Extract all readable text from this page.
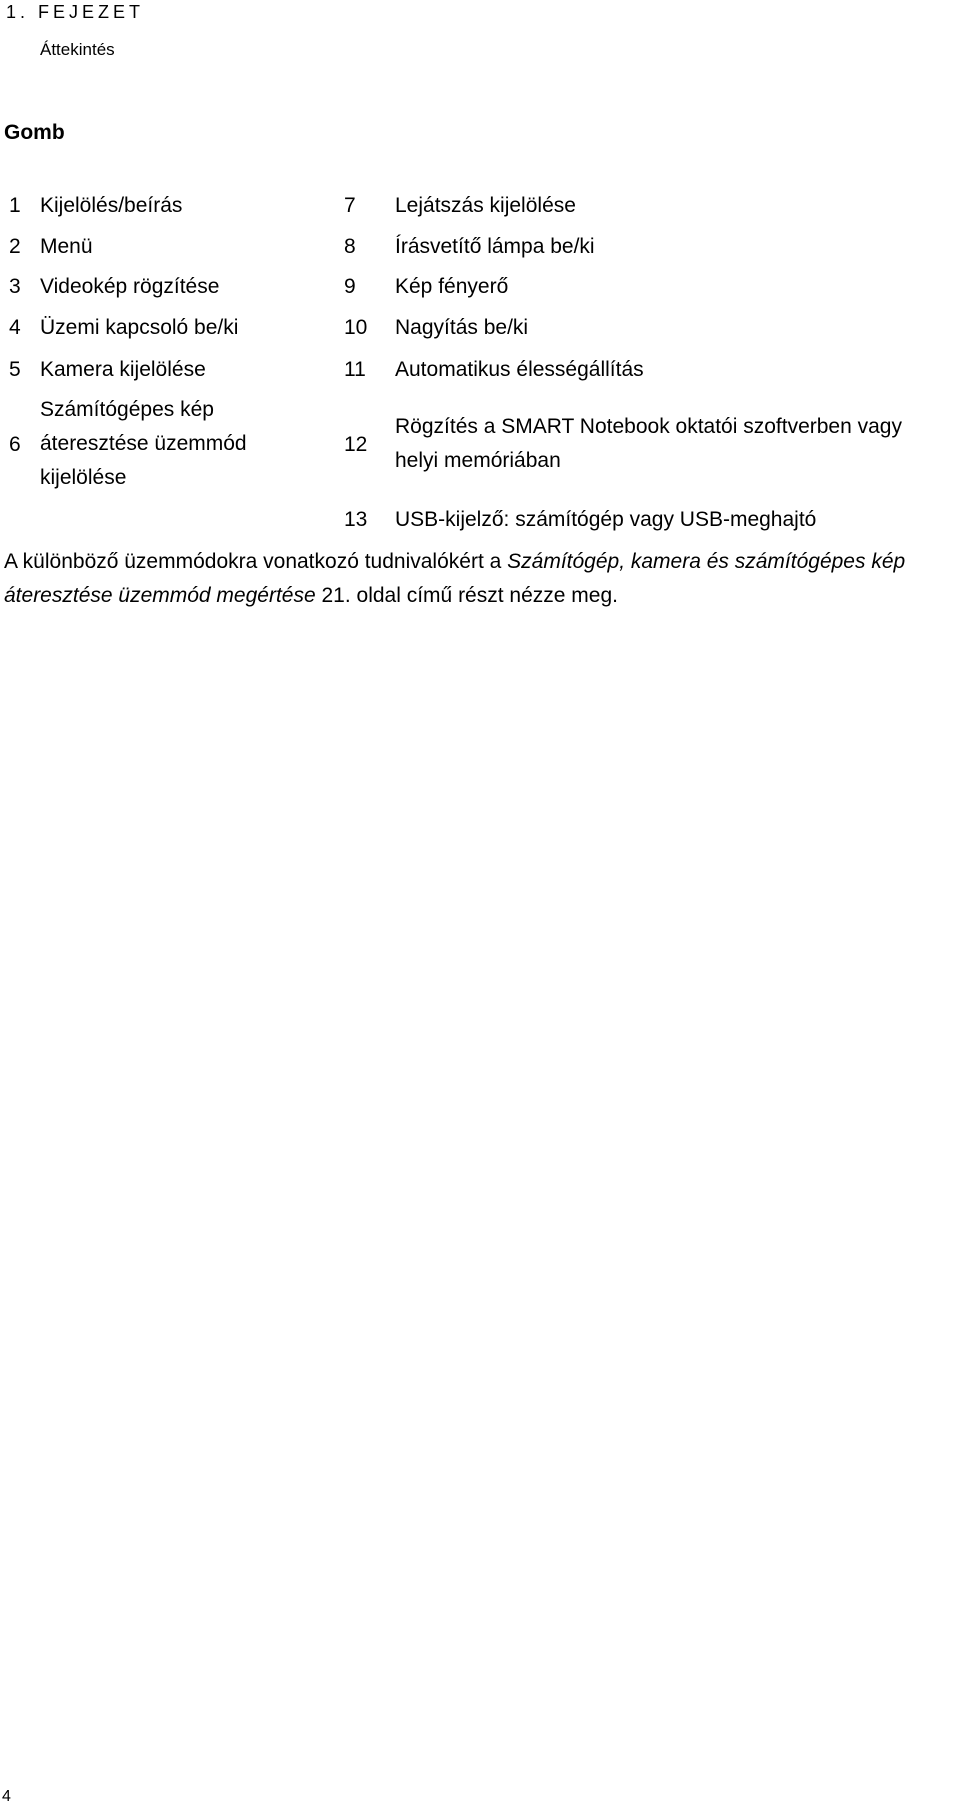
1. FEJEZET
Áttekintés
Gomb
1 Kijelölés/beírás
2 Menü
3 Videokép rögzítése
4 Üzemi kapcsoló be/ki
5 Kamera kijelölése
6
Számítógépes kép áteresztése üzemmód kijelölése
7 Lejátszás kijelölése
8 Írásvetítő lámpa be/ki
9 Kép fényerő
10 Nagyítás be/ki
11 Automatikus élességállítás
12
Rögzítés a SMART Notebook oktatói szoftverben vagy helyi memóriában
13 USB-kijelző: számítógép vagy USB-meghajtó
A különböző üzemmódokra vonatkozó tudnivalókért a Számítógép, kamera és számítógépes kép áteresztése üzemmód megértése 21. oldal című részt nézze meg.
4
